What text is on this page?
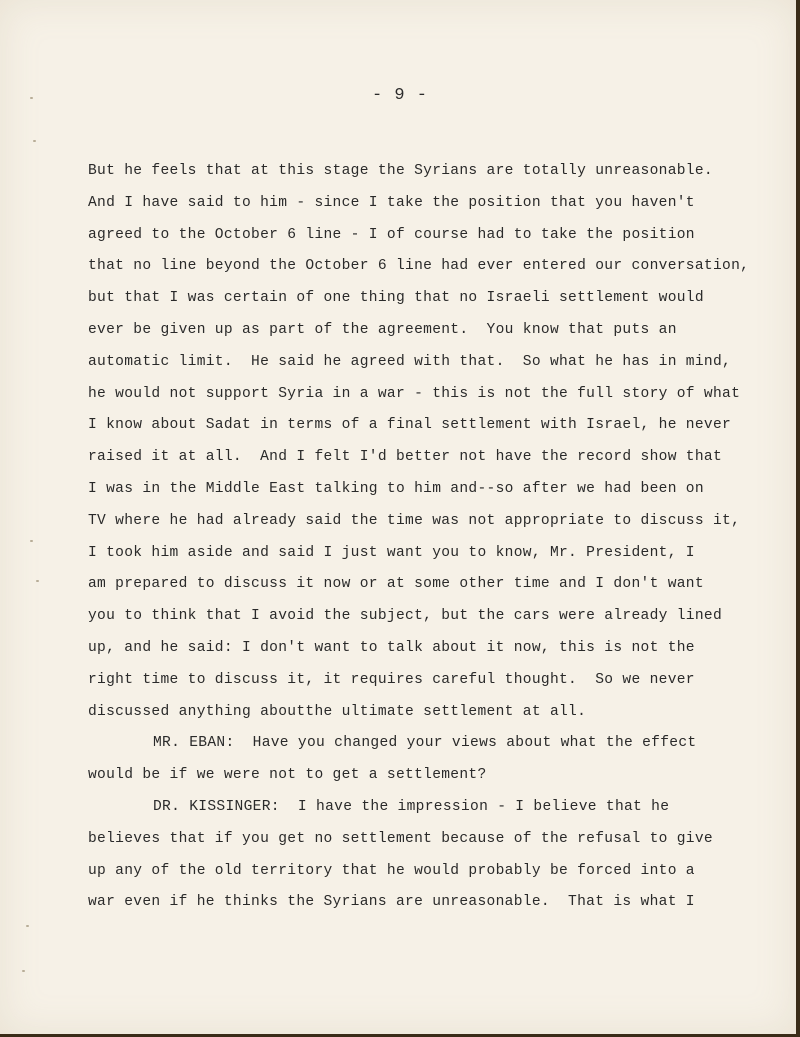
- 9 -
But he feels that at this stage the Syrians are totally unreasonable.
And I have said to him - since I take the position that you haven't
agreed to the October 6 line - I of course had to take the position
that no line beyond the October 6 line had ever entered our conversation,
but that I was certain of one thing that no Israeli settlement would
ever be given up as part of the agreement.  You know that puts an
automatic limit.  He said he agreed with that.  So what he has in mind,
he would not support Syria in a war - this is not the full story of what
I know about Sadat in terms of a final settlement with Israel, he never
raised it at all.  And I felt I'd better not have the record show that
I was in the Middle East talking to him and--so after we had been on
TV where he had already said the time was not appropriate to discuss it,
I took him aside and said I just want you to know, Mr. President, I
am prepared to discuss it now or at some other time and I don't want
you to think that I avoid the subject, but the cars were already lined
up, and he said: I don't want to talk about it now, this is not the
right time to discuss it, it requires careful thought.  So we never
discussed anything aboutthe ultimate settlement at all.
MR. EBAN:  Have you changed your views about what the effect
would be if we were not to get a settlement?
DR. KISSINGER:  I have the impression - I believe that he
believes that if you get no settlement because of the refusal to give
up any of the old territory that he would probably be forced into a
war even if he thinks the Syrians are unreasonable.  That is what I
